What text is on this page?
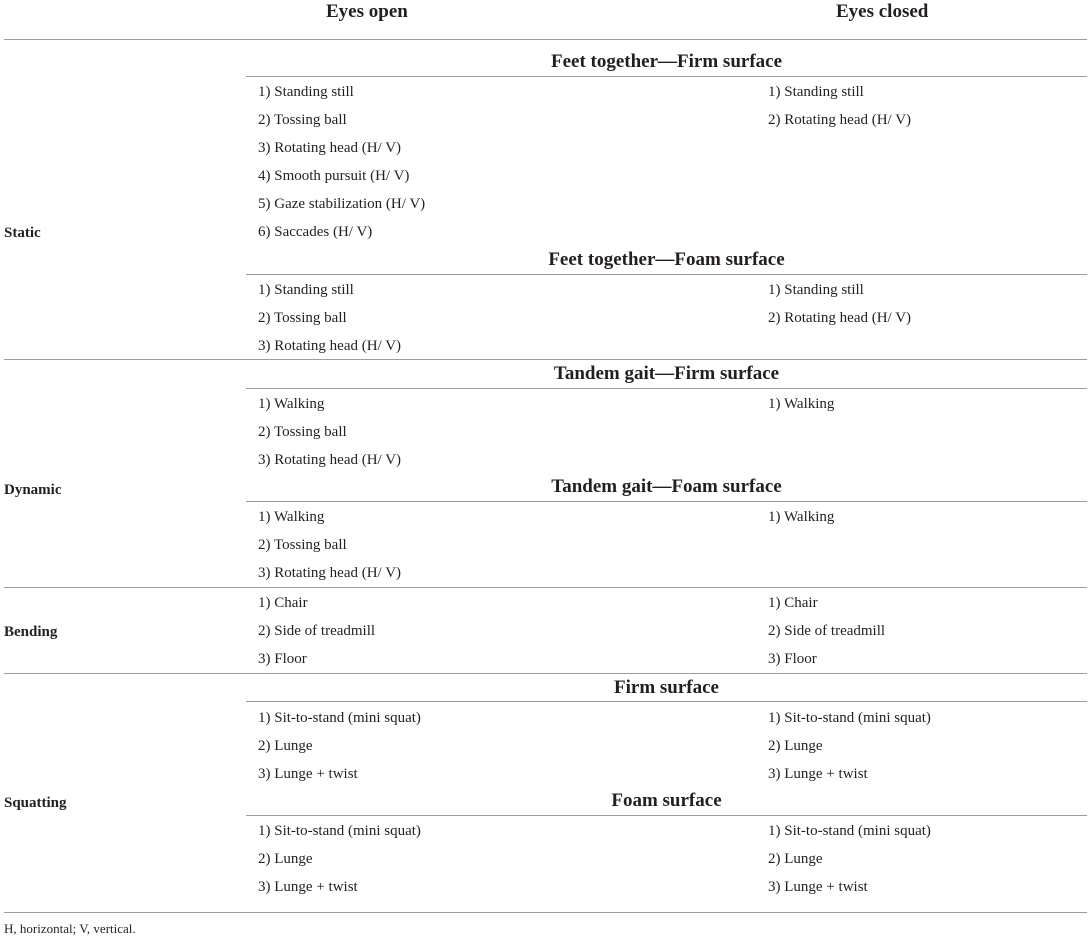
Eyes open	Eyes closed
Static
Dynamic
Bending
Squatting
Feet together—Firm surface
1) Standing still
2) Tossing ball
3) Rotating head (H/ V)
4) Smooth pursuit (H/ V)
5) Gaze stabilization (H/ V)
6) Saccades (H/ V)
1) Standing still
2) Rotating head (H/ V)
Feet together—Foam surface
1) Standing still
2) Tossing ball
3) Rotating head (H/ V)
1) Standing still
2) Rotating head (H/ V)
Tandem gait—Firm surface
1) Walking
2) Tossing ball
3) Rotating head (H/ V)
1) Walking
Tandem gait—Foam surface
1) Walking
2) Tossing ball
3) Rotating head (H/ V)
1) Walking
1) Chair
2) Side of treadmill
3) Floor
1) Chair
2) Side of treadmill
3) Floor
Firm surface
1) Sit-to-stand (mini squat)
2) Lunge
3) Lunge + twist
1) Sit-to-stand (mini squat)
2) Lunge
3) Lunge + twist
Foam surface
1) Sit-to-stand (mini squat)
2) Lunge
3) Lunge + twist
1) Sit-to-stand (mini squat)
2) Lunge
3) Lunge + twist
H, horizontal; V, vertical.
